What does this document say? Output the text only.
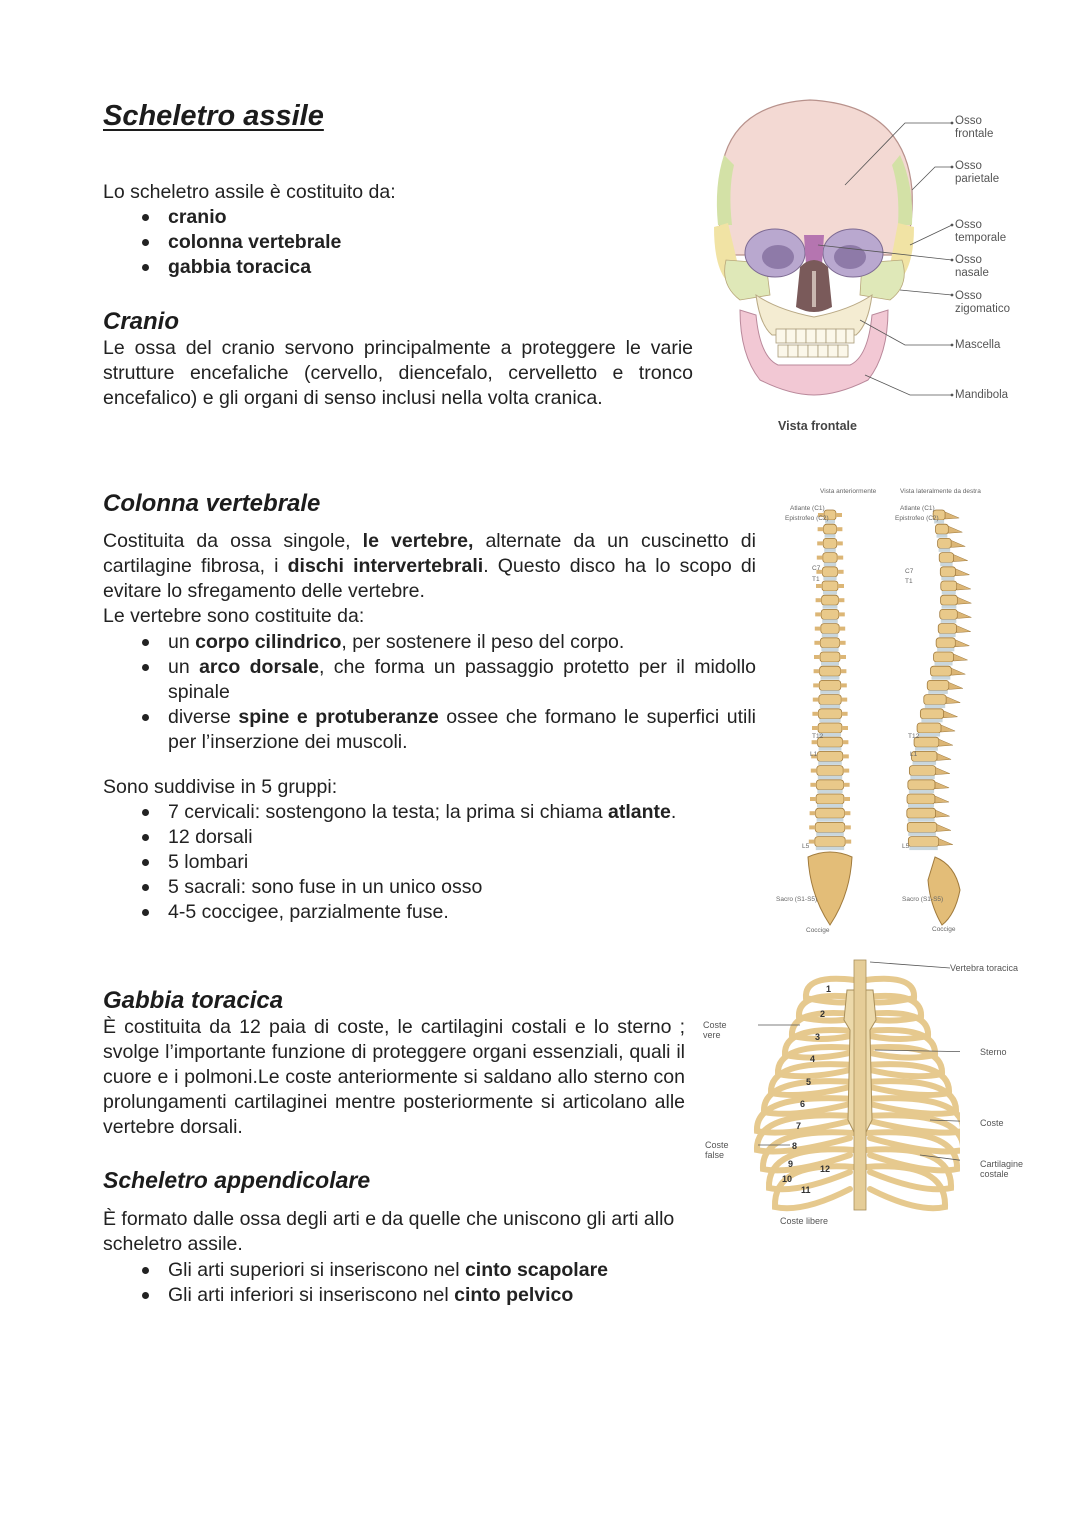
Scheletro assile
Lo scheletro assile è costituito da:
cranio
colonna vertebrale
gabbia toracica
Cranio
Le ossa del cranio servono principalmente a proteggere le varie strutture encefaliche (cervello, diencefalo, cervelletto e tronco encefalico) e gli organi di senso inclusi nella volta cranica.
Osso
frontale
Osso
parietale
Osso
temporale
Osso
nasale
Osso
zigomatico
Mascella
Mandibola
Vista frontale
Colonna vertebrale
Costituita da ossa singole, le vertebre, alternate da un cuscinetto di cartilagine fibrosa, i dischi intervertebrali. Questo disco ha lo scopo di evitare lo sfregamento delle vertebre.
Le vertebre sono costituite da:
un corpo cilindrico, per sostenere il peso del corpo.
un arco dorsale, che forma un passaggio protetto per il midollo spinale
diverse spine e protuberanze ossee che formano le superfici utili per l’inserzione dei muscoli.
Sono suddivise in 5 gruppi:
7 cervicali: sostengono la testa; la prima si chiama atlante.
12 dorsali
5 lombari
5 sacrali: sono fuse in un unico osso
4-5 coccigee, parzialmente fuse.
Vista anteriormente	Vista lateralmente da destra
Atlante (C1)
Epistrofeo (C2)
Atlante (C1)
Epistrofeo (C2)
C7
T1
C7
T1
T12
L1
T12
L1
L5	L5
Sacro (S1-S5)	Sacro (S1-S5)
Coccige	Coccige
Gabbia toracica
È costituita da 12 paia di coste, le cartilagini costali e lo sterno ; svolge l’importante funzione di proteggere organi essenziali, quali il cuore e i polmoni.Le coste anteriormente si saldano allo sterno con prolungamenti cartilaginei mentre posteriormente si articolano alle vertebre dorsali.
Vertebra toracica
Coste
vere
Sterno
Coste
false
Coste
Cartilagine
costale
Coste libere
1
2
3
4
5
6
7
8
9
10
11
12
Scheletro appendicolare
È formato dalle ossa degli arti e da quelle che uniscono gli arti allo scheletro assile.
Gli arti superiori si inseriscono nel cinto scapolare
Gli arti inferiori si inseriscono nel cinto pelvico
